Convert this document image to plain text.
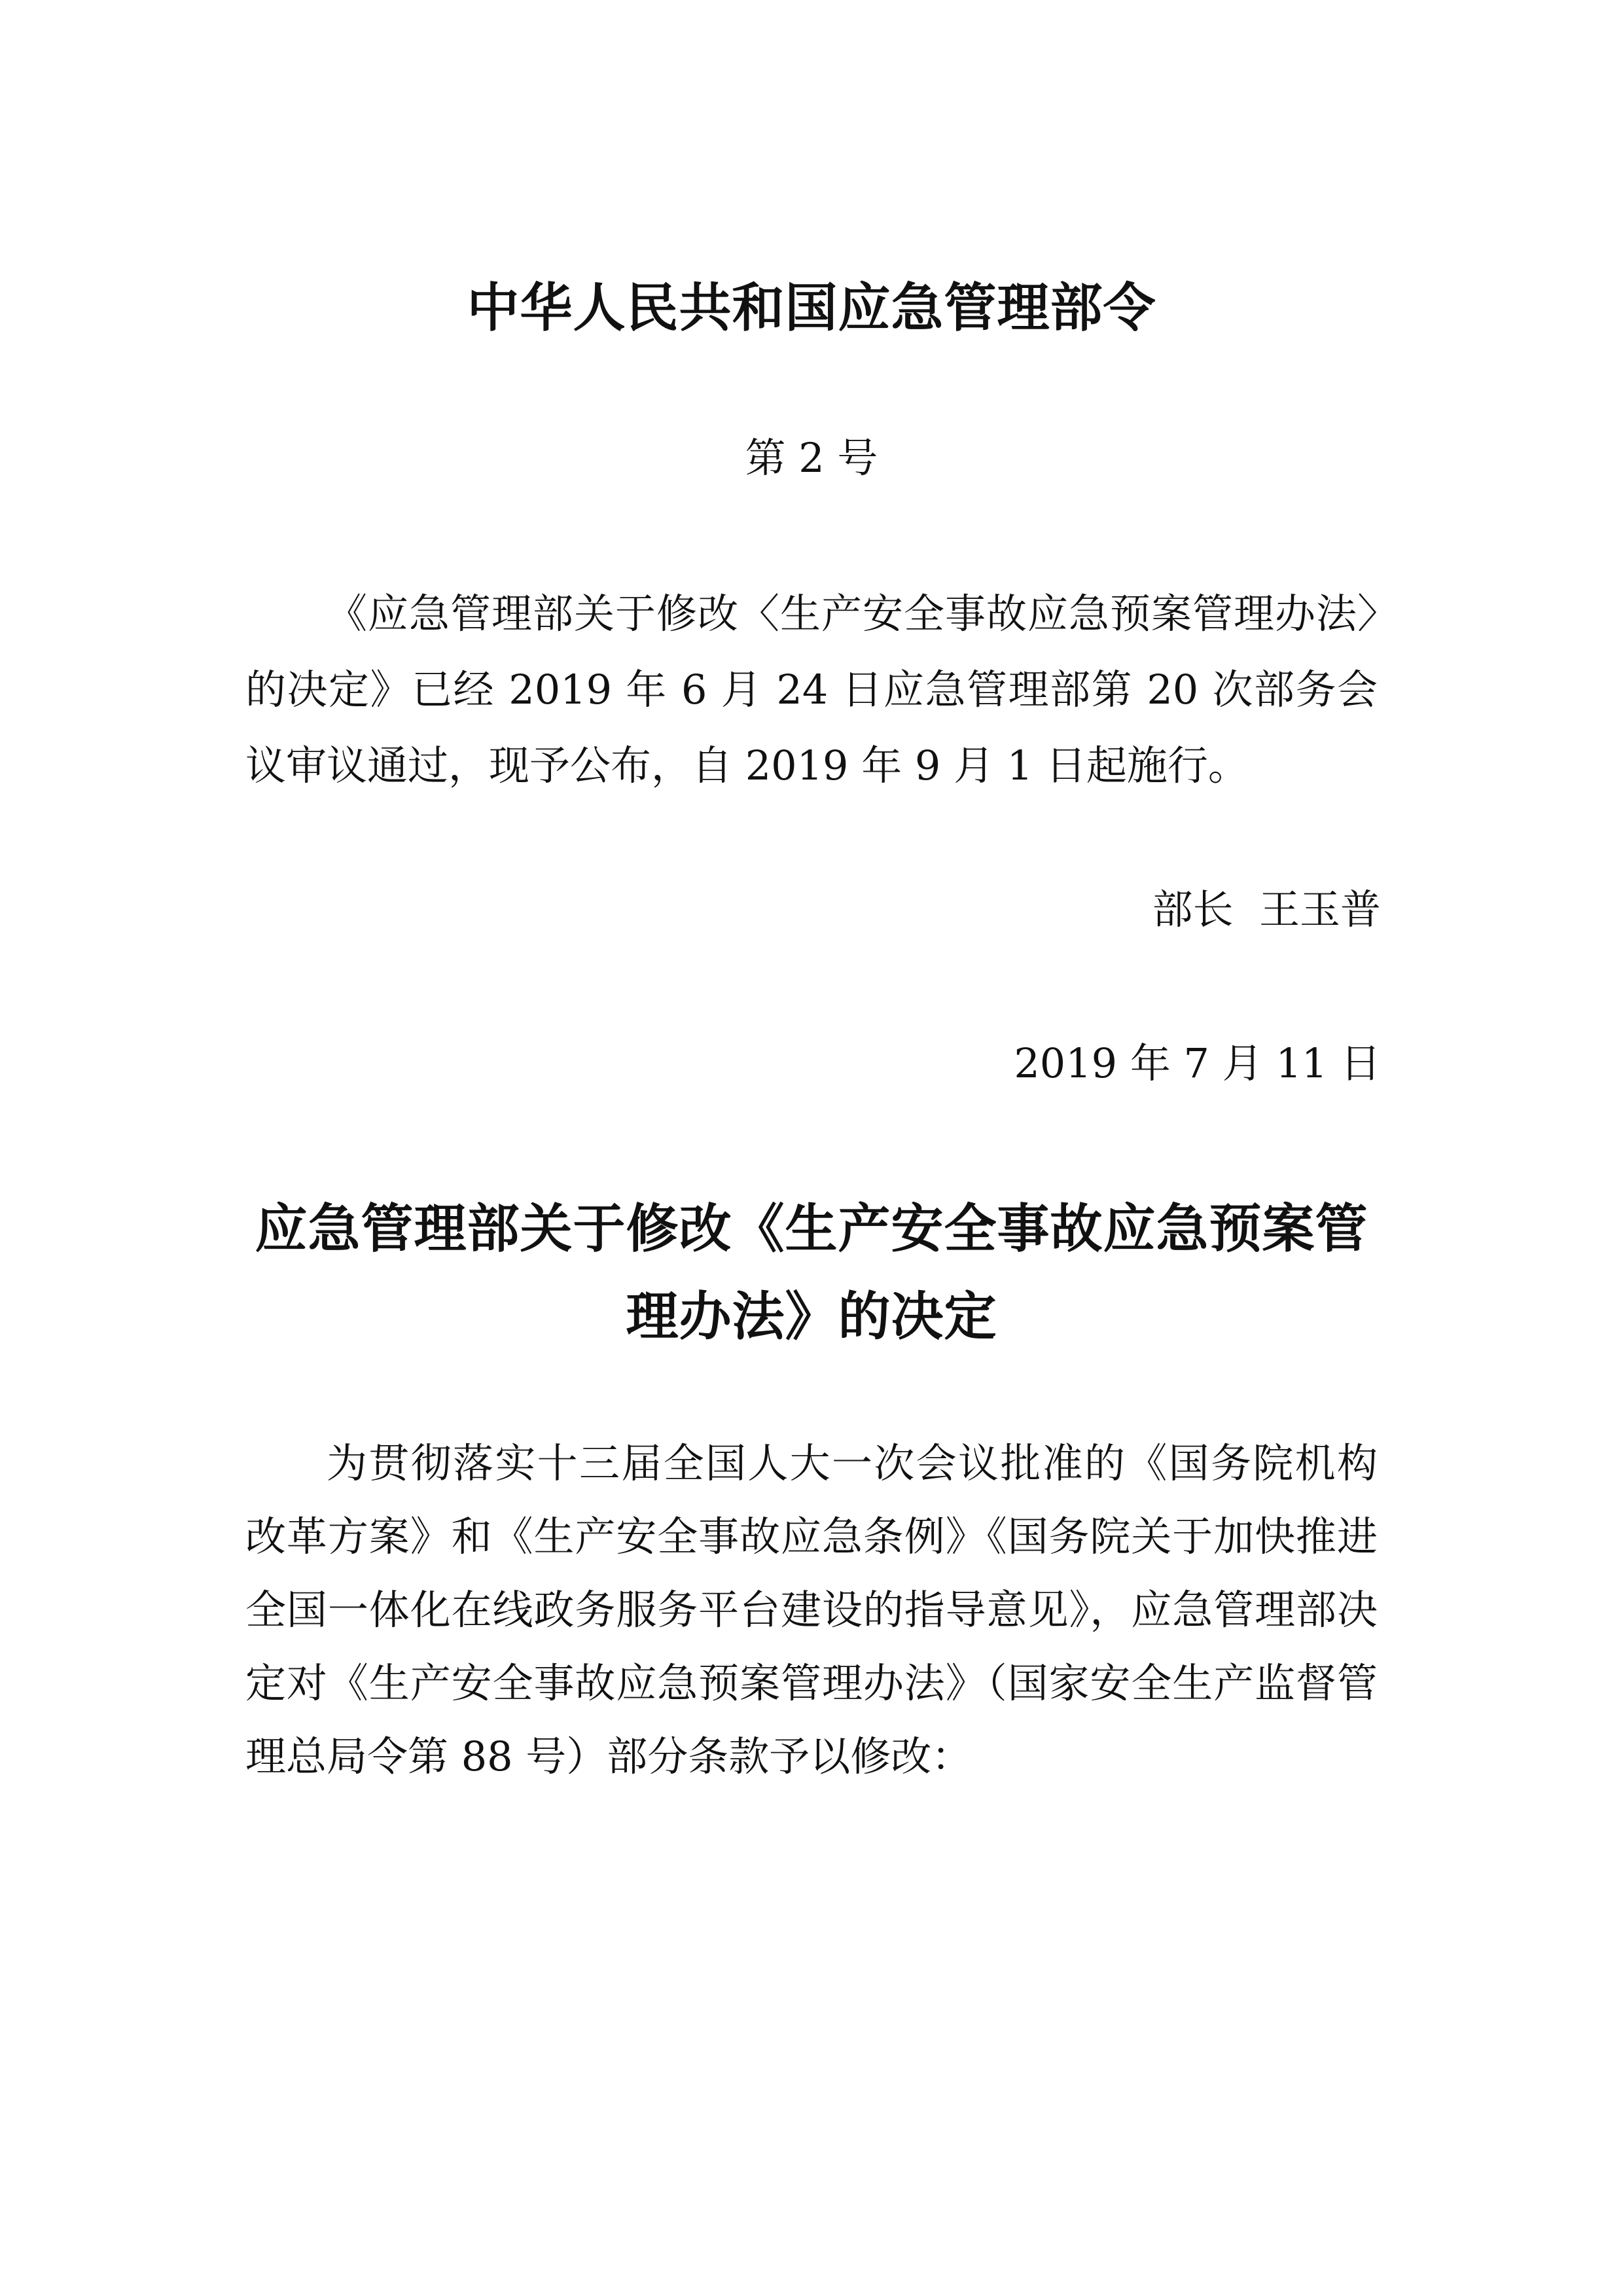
中华人民共和国应急管理部令
第 2 号

《应急管理部关于修改〈生产安全事故应急预案管理办法〉的决定》已经 2019 年 6 月 24 日应急管理部第 20 次部务会议审议通过，现予公布，自 2019 年 9 月 1 日起施行。

部长  王玉普
2019 年 7 月 11 日
应急管理部关于修改《生产安全事故应急预案管理办法》的决定

为贯彻落实十三届全国人大一次会议批准的《国务院机构改革方案》和《生产安全事故应急条例》《国务院关于加快推进全国一体化在线政务服务平台建设的指导意见》，应急管理部决定对《生产安全事故应急预案管理办法》（国家安全生产监督管理总局令第 88 号）部分条款予以修改：
